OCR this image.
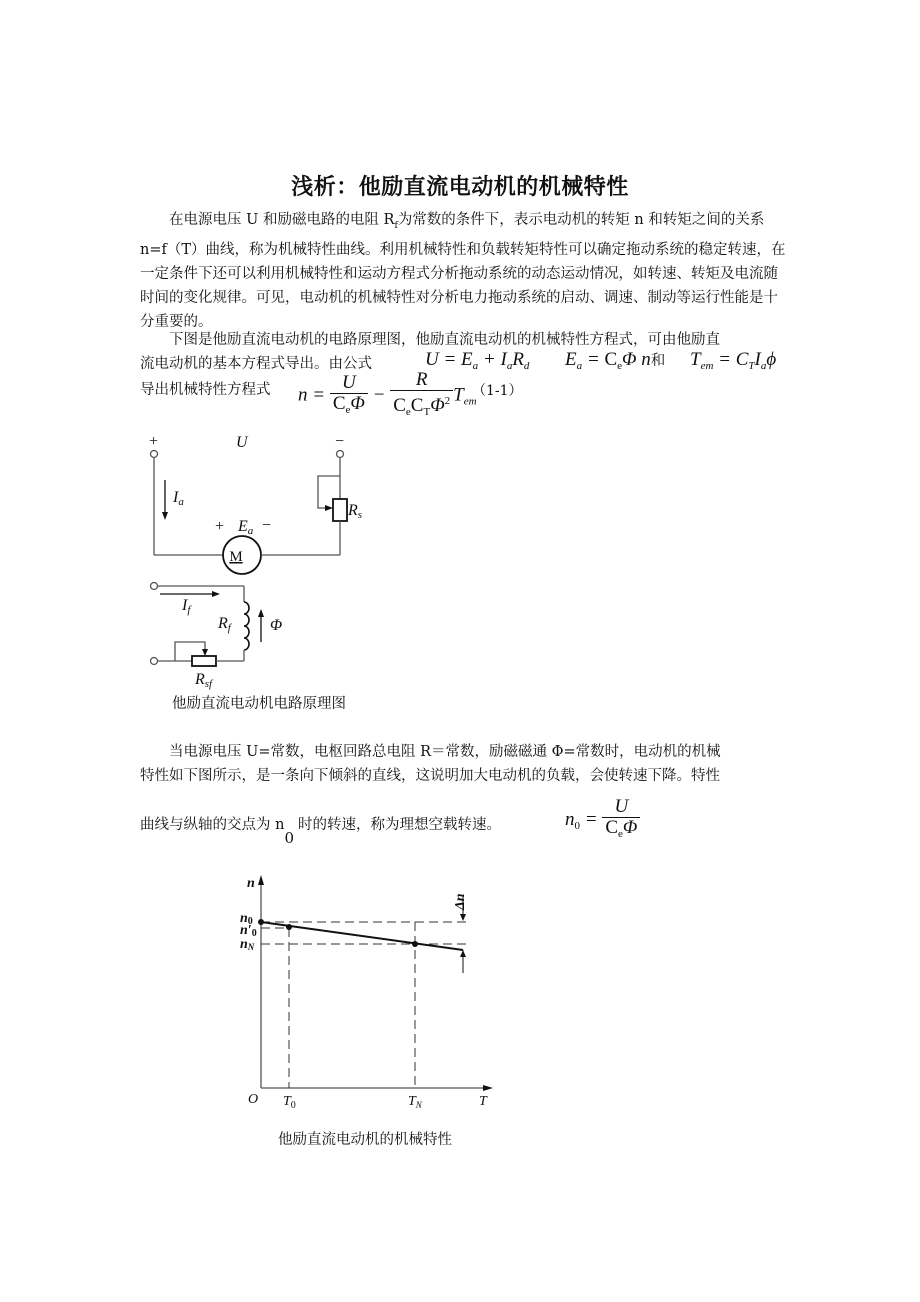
浅析：他励直流电动机的机械特性
在电源电压 U 和励磁电路的电阻 $R_f$为常数的条件下，表示电动机的转矩 n 和转矩之间的关系 n=f（T）曲线，称为机械特性曲线。利用机械特性和负载转矩特性可以确定拖动系统的稳定转速，在一定条件下还可以利用机械特性和运动方程式分析拖动系统的动态运动情况，如转速、转矩及电流随时间的变化规律。可见，电动机的机械特性对分析电力拖动系统的启动、调速、制动等运行性能是十分重要的。
下图是他励直流电动机的电路原理图，他励直流电动机的机械特性方程式，可由他励直
流电动机的基本方程式导出。由公式	$U = E_a + I_aR_d$ $E_a = C_e\Phi$ n和 $T_{em} = C_TI_a\phi$
导出机械特性方程式	$n = \frac{U}{C_e\Phi} - \frac{R}{C_eC_T\Phi^2} T_{em}$
（1-1）
+	−
U
Ia
+ Ea −
Rs
M
If
Rf Φ
Rsf
他励直流电动机电路原理图
当电源电压 U=常数，电枢回路总电阻 R＝常数，励磁磁通 Φ=常数时，电动机的机械
特性如下图所示，是一条向下倾斜的直线，这说明加大电动机的负载，会使转速下降。特性
曲线与纵轴的交点为 n0时的转速，称为理想空载转速。	$n_0 = \frac{U}{C_e\Phi}$
n
n0
n′0
nN
Δn
O $T_0$	$T_N$	T
他励直流电动机的机械特性
